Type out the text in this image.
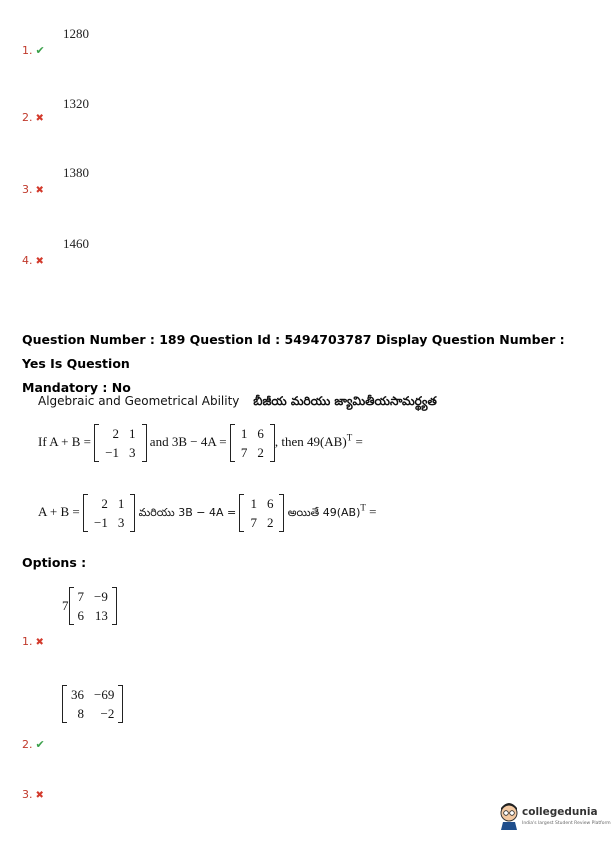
1280
1. ✔
1320
2. ✖
1380
3. ✖
1460
4. ✖
Question Number : 189 Question Id : 5494703787 Display Question Number : Yes Is Question
Mandatory : No
Algebraic and Geometrical Ability బీజీయ మరియు జ్యామితీయసామర్థ్యత
If A + B =
2	1
−1	3
and 3B − 4A =
1	6
7	2
, then 49(AB)$^T$ =
A + B =
2	1
−1	3
మరియు 3B − 4A =
1	6
7	2
అయితే 49(AB)$^T$ =
Options :
7
7	−9
6	13
1. ✖
36	−69
8	−2
2. ✔
3. ✖
collegedunia
India's largest Student Review Platform
